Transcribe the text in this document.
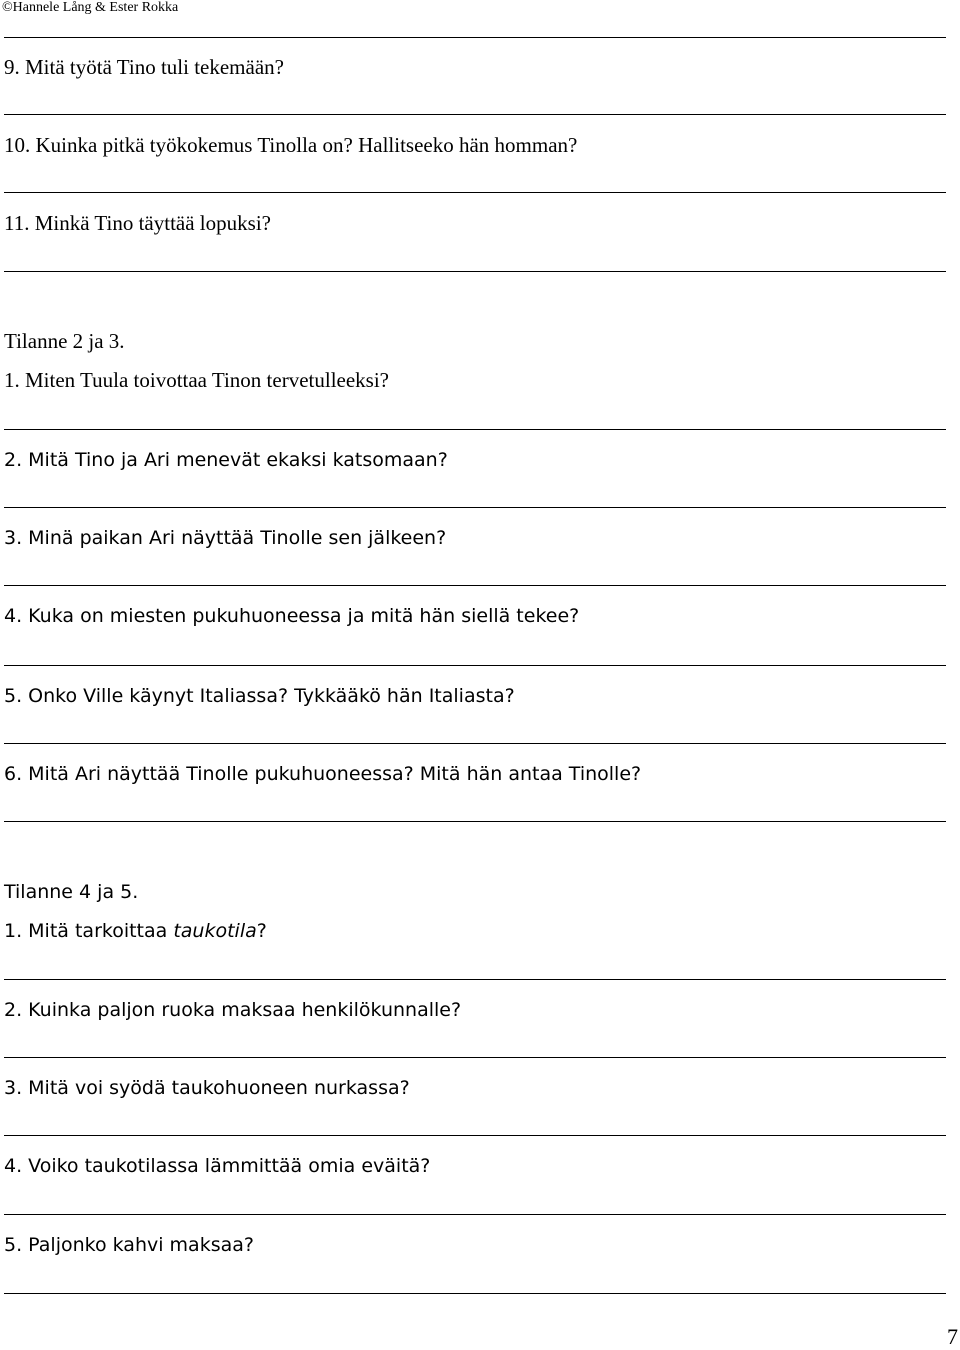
©Hannele Lång & Ester Rokka
9. Mitä työtä Tino tuli tekemään?
10. Kuinka pitkä työkokemus Tinolla on? Hallitseeko hän homman?
11. Minkä Tino täyttää lopuksi?
Tilanne 2 ja 3.
1. Miten Tuula toivottaa Tinon tervetulleeksi?
2. Mitä Tino ja Ari menevät ekaksi katsomaan?
3. Minä paikan Ari näyttää Tinolle sen jälkeen?
4. Kuka on miesten pukuhuoneessa ja mitä hän siellä tekee?
5. Onko Ville käynyt Italiassa? Tykkääkö hän Italiasta?
6. Mitä Ari näyttää Tinolle pukuhuoneessa? Mitä hän antaa Tinolle?
Tilanne 4 ja 5.
1. Mitä tarkoittaa taukotila?
2. Kuinka paljon ruoka maksaa henkilökunnalle?
3. Mitä voi syödä taukohuoneen nurkassa?
4. Voiko taukotilassa lämmittää omia eväitä?
5. Paljonko kahvi maksaa?
7
